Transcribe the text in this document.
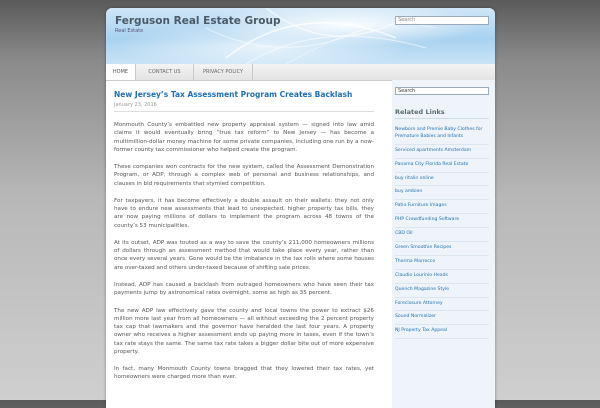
Ferguson Real Estate Group
Real Estate
Search
HOME	CONTACT US	PRIVACY POLICY
New Jersey’s Tax Assessment Program Creates Backlash
January 23, 2016

Monmouth County’s embattled new property appraisal system — signed into law amid claims it would eventually bring “true tax reform” to New Jersey — has become a multimillion-dollar money machine for some private companies, including one run by a now-former county tax commissioner who helped create the program.

These companies won contracts for the new system, called the Assessment Demonstration Program, or ADP, through a complex web of personal and business relationships, and clauses in bid requirements that stymied competition.

For taxpayers, it has become effectively a double assault on their wallets: they not only have to endure new assessments that lead to unexpected, higher property tax bills, they are now paying millions of dollars to implement the program across 48 towns of the county’s 53 municipalities.

At its outset, ADP was touted as a way to save the county’s 211,000 homeowners millions of dollars through an assessment method that would take place every year, rather than once every several years. Gone would be the imbalance in the tax rolls where some houses are over-taxed and others under-taxed because of shifting sale prices.

Instead, ADP has caused a backlash from outraged homeowners who have seen their tax payments jump by astronomical rates overnight, some as high as 35 percent.

The new ADP law effectively gave the county and local towns the power to extract $26 million more last year from all homeowners — all without exceeding the 2 percent property tax cap that lawmakers and the governor have heralded the last four years. A property owner who receives a higher assessment ends up paying more in taxes, even if the town’s tax rate stays the same. The same tax rate takes a bigger dollar bite out of more expensive property.

In fact, many Monmouth County towns bragged that they lowered their tax rates, yet homeowners were charged more than ever.

Search
Related Links
Newborn and Premie Baby Clothes for Premature Babies and Infants
Serviced apartments Amsterdam
Panama City Florida Real Estate
buy ritalin online
buy ambien
Patio Furniture Images
PHP Crowdfunding Software
CBD Oil
Green Smoothie Recipes
Therma Marrocco
Claudio Lourinio Heads
Quench Magazine Style
Foreclosure Attorney
Sound Normalizer
NJ Property Tax Appeal
